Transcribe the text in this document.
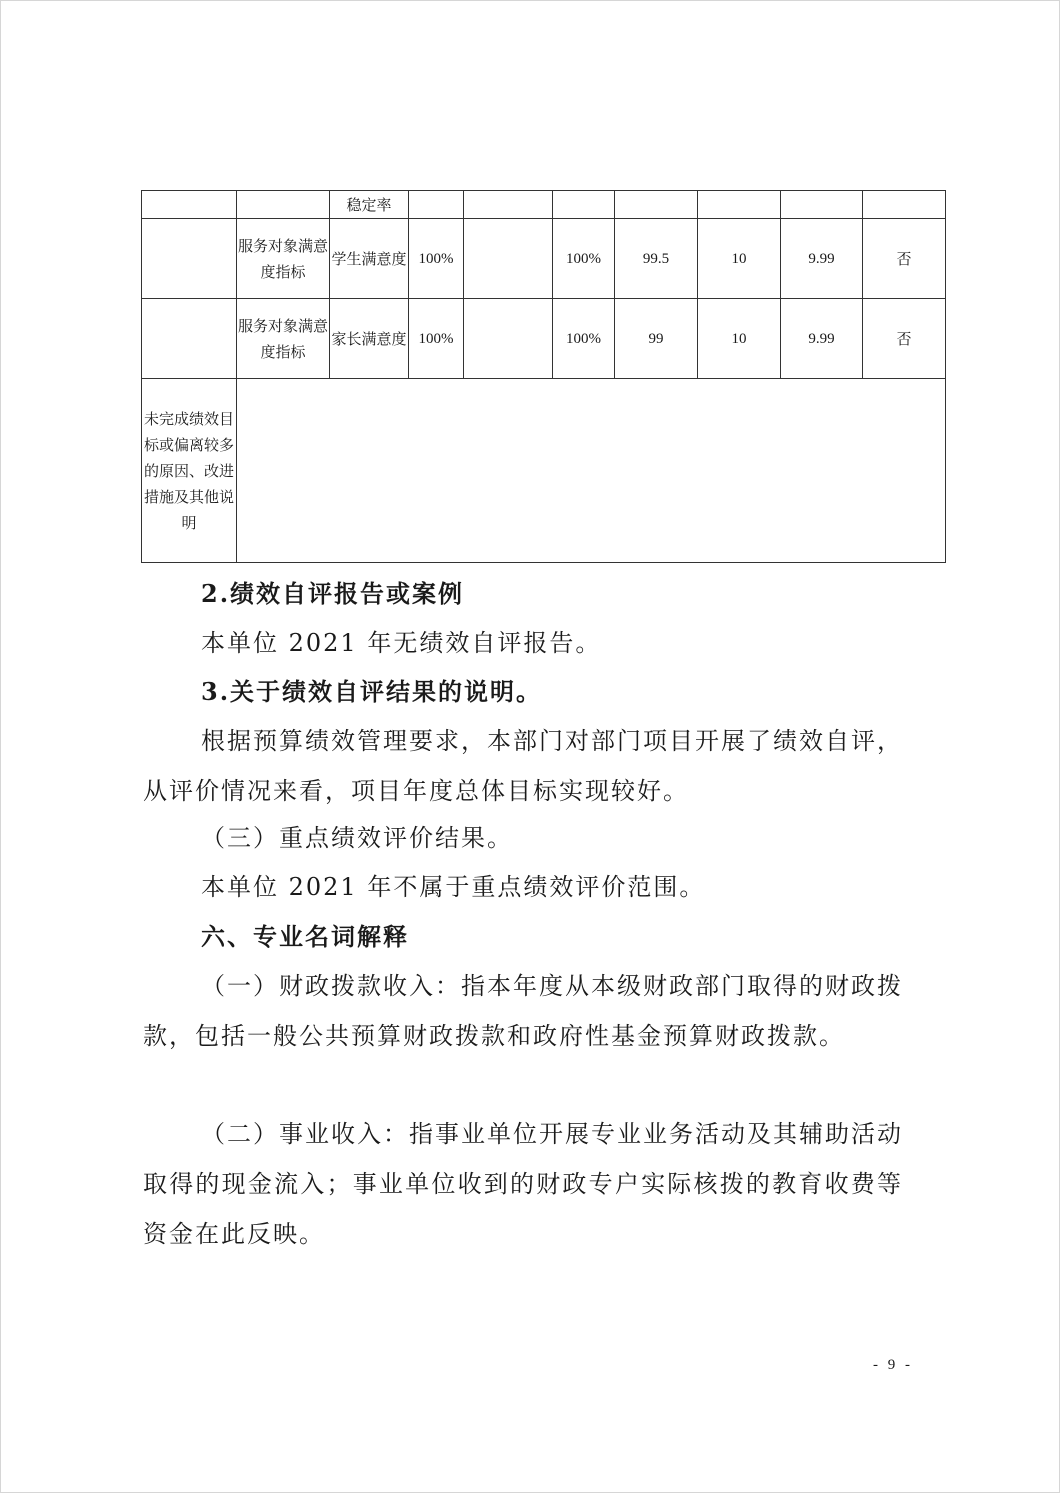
		稳定率							
	服务对象满意度指标	学生满意度	100%		100%	99.5	10	9.99	否
	服务对象满意度指标	家长满意度	100%		100%	99	10	9.99	否
未完成绩效目标或偏离较多的原因、改进措施及其他说明									

2.绩效自评报告或案例

本单位 2021 年无绩效自评报告。

3.关于绩效自评结果的说明。

根据预算绩效管理要求，本部门对部门项目开展了绩效自评，从评价情况来看，项目年度总体目标实现较好。

（三）重点绩效评价结果。

本单位 2021 年不属于重点绩效评价范围。

六、专业名词解释

（一）财政拨款收入：指本年度从本级财政部门取得的财政拨款，包括一般公共预算财政拨款和政府性基金预算财政拨款。

（二）事业收入：指事业单位开展专业业务活动及其辅助活动取得的现金流入；事业单位收到的财政专户实际核拨的教育收费等资金在此反映。

- 9 -
